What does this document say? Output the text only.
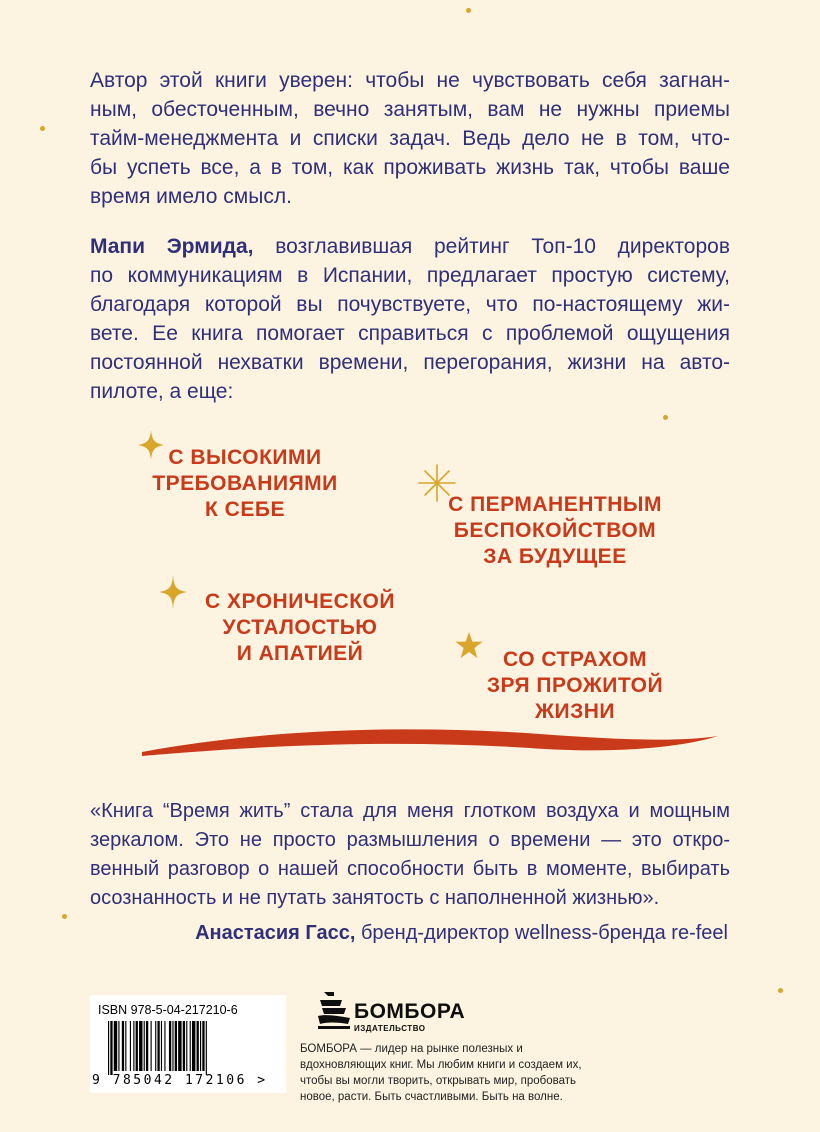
Автор этой книги уверен: чтобы не чувствовать себя загнан-
ным, обесточенным, вечно занятым, вам не нужны приемы
тайм-менеджмента и списки задач. Ведь дело не в том, что-
бы успеть все, а в том, как проживать жизнь так, чтобы ваше
время имело смысл.

Мапи Эрмида, возглавившая рейтинг Топ-10 директоров
по коммуникациям в Испании, предлагает простую систему,
благодаря которой вы почувствуете, что по-настоящему жи-
вете. Ее книга помогает справиться с проблемой ощущения
постоянной нехватки времени, перегорания, жизни на авто-
пилоте, а еще:

С ВЫСОКИМИ
ТРЕБОВАНИЯМИ
К СЕБЕ	С ПЕРМАНЕНТНЫМ
БЕСПОКОЙСТВОМ
ЗА БУДУЩЕЕ
С ХРОНИЧЕСКОЙ
УСТАЛОСТЬЮ
И АПАТИЕЙ	СО СТРАХОМ
ЗРЯ ПРОЖИТОЙ
ЖИЗНИ

«Книга “Время жить” стала для меня глотком воздуха и мощным
зеркалом. Это не просто размышления о времени — это откро-
венный разговор о нашей способности быть в моменте, выбирать
осознанность и не путать занятость с наполненной жизнью».

Анастасия Гасс, бренд-директор wellness-бренда re-feel
ISBN 978-5-04-217210-6
9 785042 172106 >
БОМБОРА
ИЗДАТЕЛЬСТВО
БОМБОРА — лидер на рынке полезных и вдохновляющих книг. Мы любим книги и создаем их, чтобы вы могли творить, открывать мир, пробовать новое, расти. Быть счастливыми. Быть на волне.
